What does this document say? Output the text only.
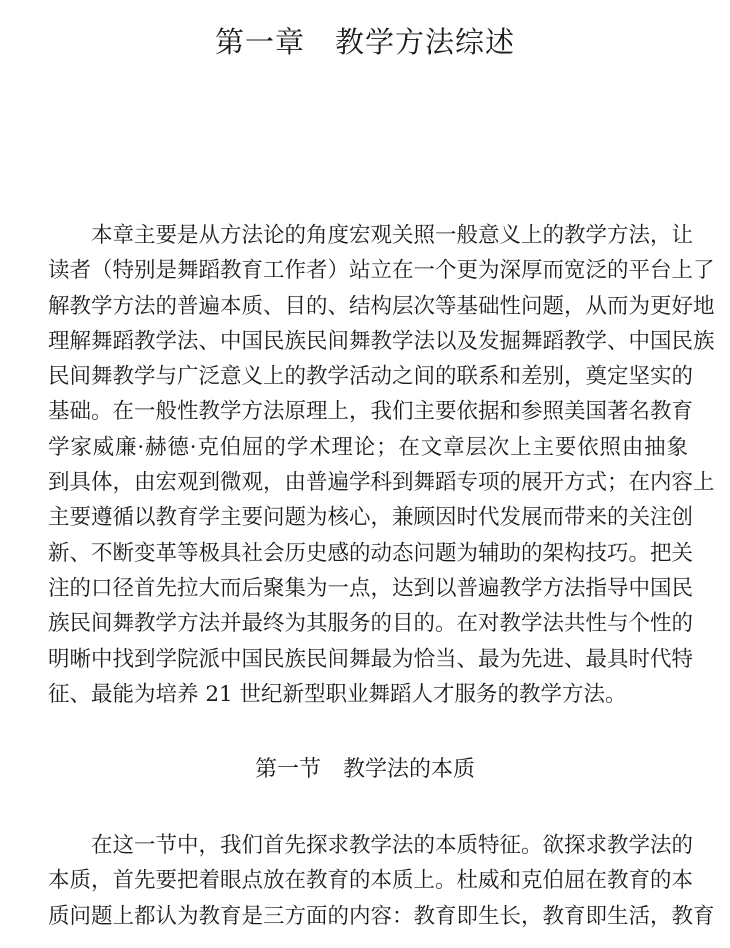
第一章　教学方法综述
本章主要是从方法论的角度宏观关照一般意义上的教学方法，让
读者（特别是舞蹈教育工作者）站立在一个更为深厚而宽泛的平台上了
解教学方法的普遍本质、目的、结构层次等基础性问题，从而为更好地
理解舞蹈教学法、中国民族民间舞教学法以及发掘舞蹈教学、中国民族
民间舞教学与广泛意义上的教学活动之间的联系和差别，奠定坚实的
基础。在一般性教学方法原理上，我们主要依据和参照美国著名教育
学家威廉·赫德·克伯屈的学术理论；在文章层次上主要依照由抽象
到具体，由宏观到微观，由普遍学科到舞蹈专项的展开方式；在内容上
主要遵循以教育学主要问题为核心，兼顾因时代发展而带来的关注创
新、不断变革等极具社会历史感的动态问题为辅助的架构技巧。把关
注的口径首先拉大而后聚集为一点，达到以普遍教学方法指导中国民
族民间舞教学方法并最终为其服务的目的。在对教学法共性与个性的
明晰中找到学院派中国民族民间舞最为恰当、最为先进、最具时代特
征、最能为培养 21 世纪新型职业舞蹈人才服务的教学方法。
第一节　教学法的本质
在这一节中，我们首先探求教学法的本质特征。欲探求教学法的
本质，首先要把着眼点放在教育的本质上。杜威和克伯屈在教育的本
质问题上都认为教育是三方面的内容：教育即生长，教育即生活，教育
